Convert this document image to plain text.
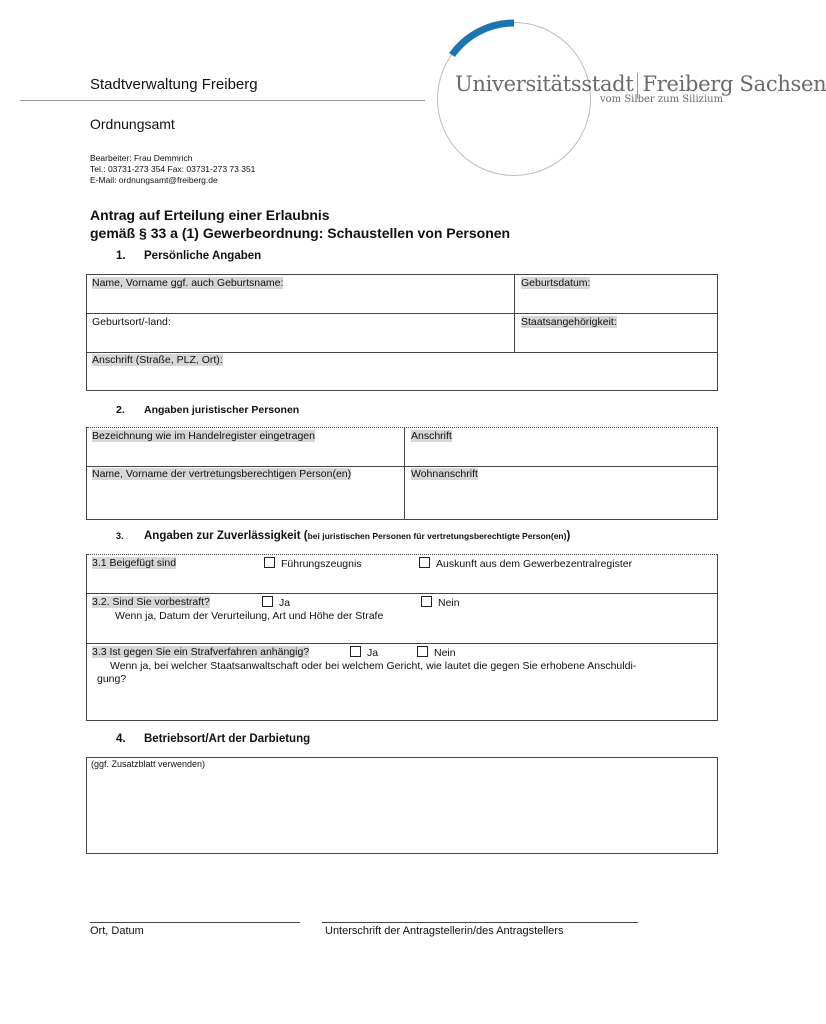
Stadtverwaltung Freiberg
Ordnungsamt
Bearbeiter: Frau Demmrich
Tel.: 03731-273 354 Fax: 03731-273 73 351
E-Mail: ordnungsamt@freiberg.de
Universitätsstadt Freiberg Sachsen
vom Silber zum Silizium
Antrag auf Erteilung einer Erlaubnis
gemäß § 33 a (1) Gewerbeordnung: Schaustellen von Personen
1. Persönliche Angaben
Name, Vorname ggf. auch Geburtsname:	Geburtsdatum:
Geburtsort/-land:	Staatsangehörigkeit:
Anschrift (Straße, PLZ, Ort):
2. Angaben juristischer Personen
Bezeichnung wie im Handelregister eingetragen	Anschrift
Name, Vorname der vertretungsberechtigen Person(en)	Wohnanschrift
3. Angaben zur Zuverlässigkeit (bei juristischen Personen für vertretungsberechtigte Person(en))
3.1 Beigefügt sind	Führungszeugnis	Auskunft aus dem Gewerbezentralregister
3.2. Sind Sie vorbestraft?	Ja	Nein
Wenn ja, Datum der Verurteilung, Art und Höhe der Strafe
3.3 Ist gegen Sie ein Strafverfahren anhängig?	Ja	Nein
Wenn ja, bei welcher Staatsanwaltschaft oder bei welchem Gericht, wie lautet die gegen Sie erhobene Anschuldi-
gung?
4. Betriebsort/Art der Darbietung
(ggf. Zusatzblatt verwenden)
Ort, Datum	Unterschrift der Antragstellerin/des Antragstellers
